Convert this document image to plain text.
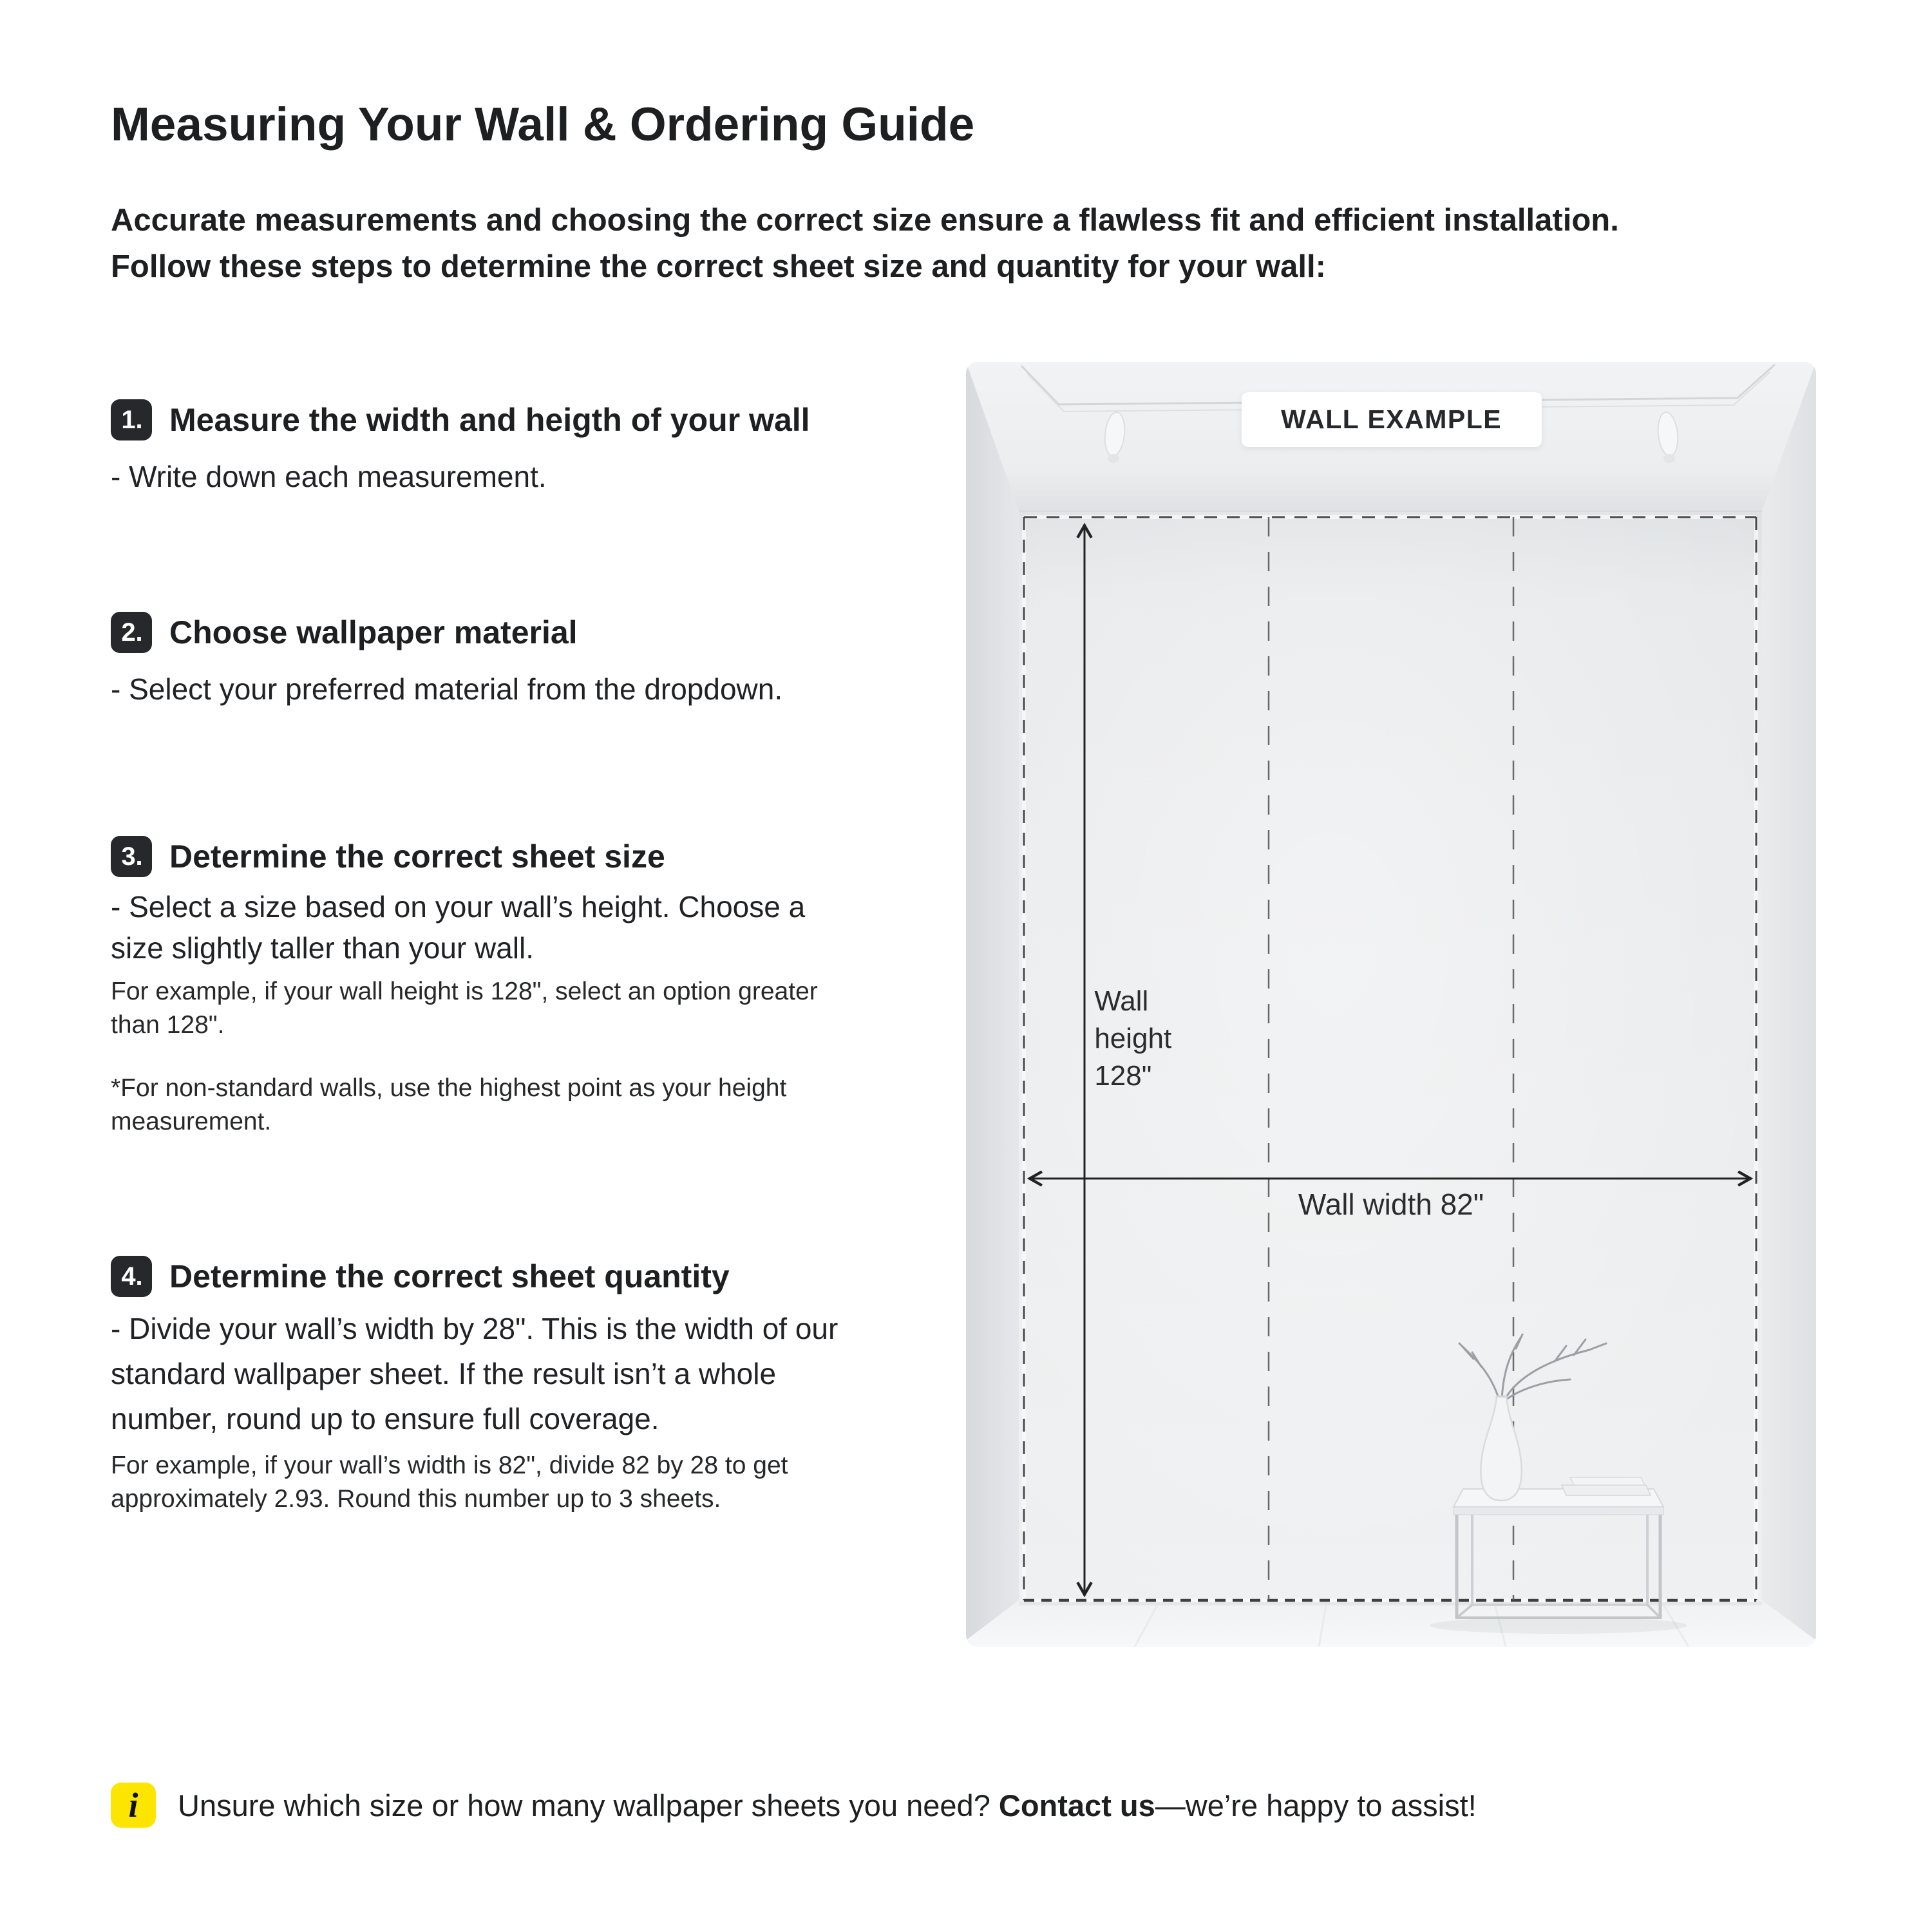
Measuring Your Wall & Ordering Guide
Accurate measurements and choosing the correct size ensure a flawless fit and efficient installation.
Follow these steps to determine the correct sheet size and quantity for your wall:
1. Measure the width and heigth of your wall

- Write down each measurement.

2. Choose wallpaper material

- Select your preferred material from the dropdown.

3. Determine the correct sheet size

- Select a size based on your wall’s height. Choose a
size slightly taller than your wall.

For example, if your wall height is 128", select an option greater
than 128".

*For non-standard walls, use the highest point as your height
measurement.

4. Determine the correct sheet quantity

- Divide your wall’s width by 28". This is the width of our
standard wallpaper sheet. If the result isn’t a whole
number, round up to ensure full coverage.

For example, if your wall’s width is 82", divide 82 by 28 to get
approximately 2.93. Round this number up to 3 sheets.

WALL EXAMPLE
Wall height 128"
Wall width 82"
i	Unsure which size or how many wallpaper sheets you need? Contact us—we’re happy to assist!
